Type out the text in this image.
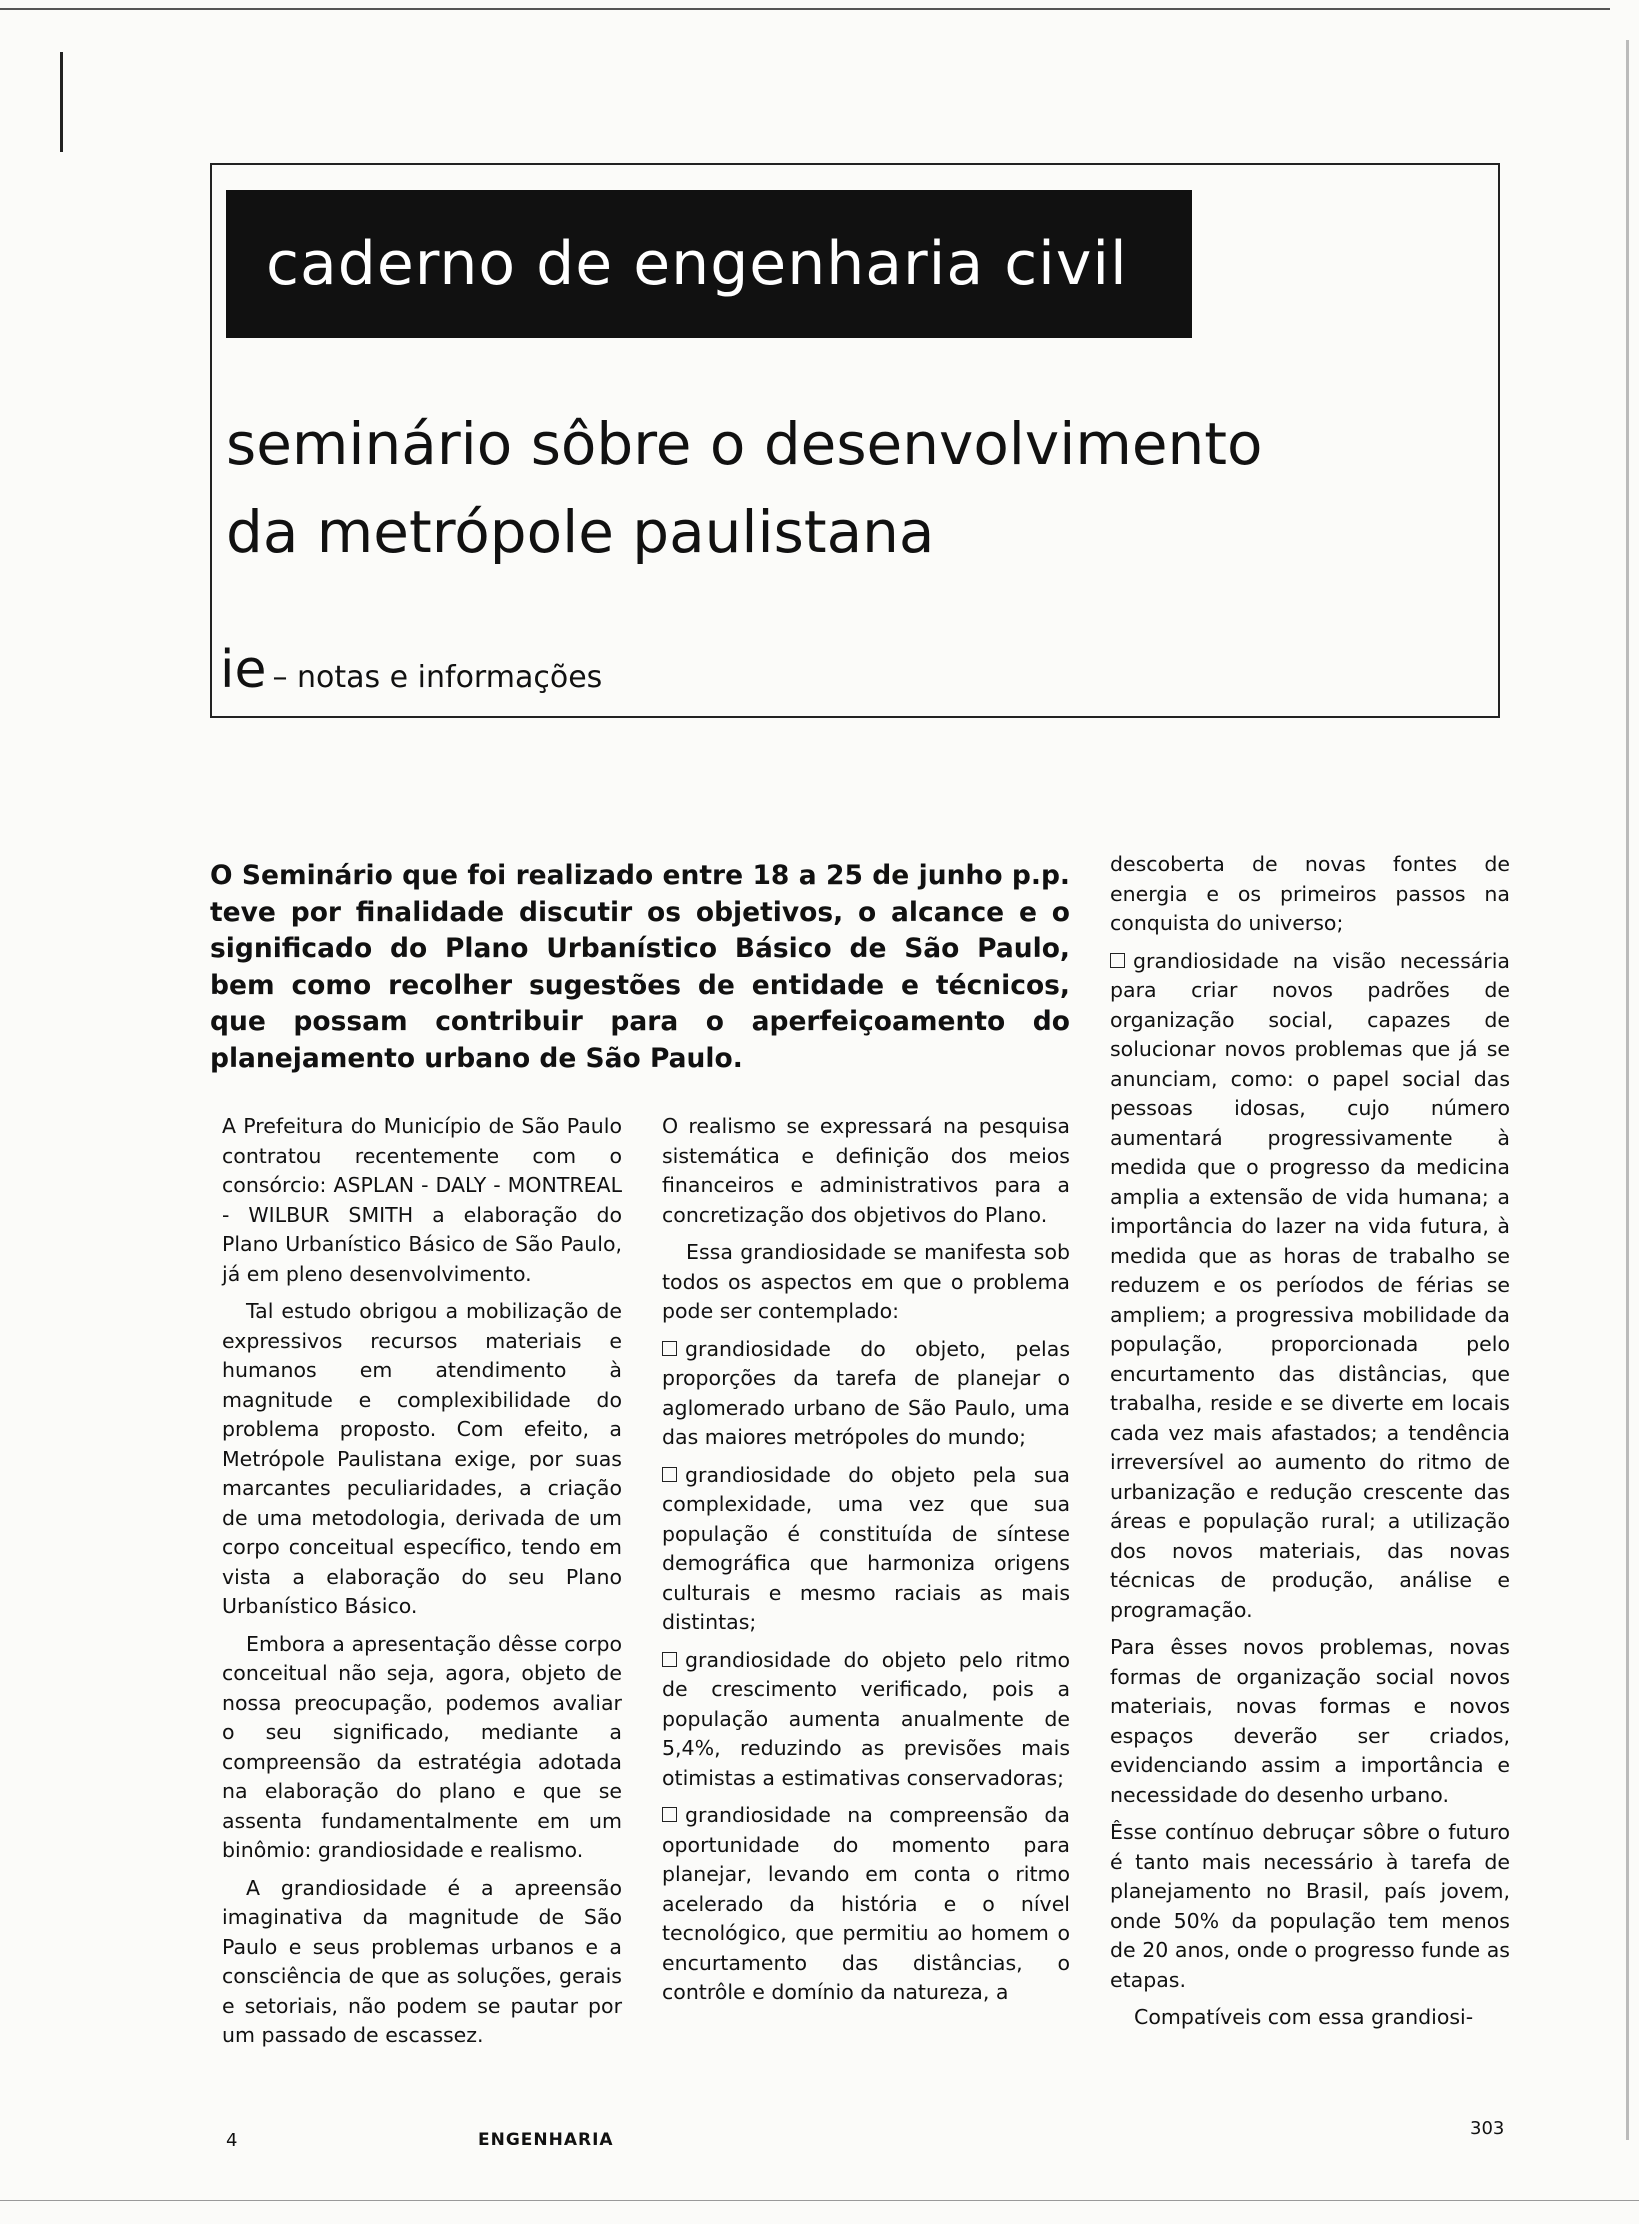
caderno de engenharia civil
seminário sôbre o desenvolvimento
da metrópole paulistana
ie – notas e informações
O Seminário que foi realizado entre 18 a 25 de junho p.p. teve por finalidade discutir os objetivos, o alcance e o significado do Plano Urbanístico Básico de São Paulo, bem como recolher sugestões de entidade e técnicos, que possam contribuir para o aperfeiçoamento do planejamento urbano de São Paulo.

A Prefeitura do Município de São Paulo contratou recentemente com o consórcio: ASPLAN - DALY - MONTREAL - WILBUR SMITH a elaboração do Plano Urbanístico Básico de São Paulo, já em pleno desenvolvimento.

Tal estudo obrigou a mobilização de expressivos recursos materiais e humanos em atendimento à magnitude e complexibilidade do problema proposto. Com efeito, a Metrópole Paulistana exige, por suas marcantes peculiaridades, a criação de uma metodologia, derivada de um corpo conceitual específico, tendo em vista a elaboração do seu Plano Urbanístico Básico.

Embora a apresentação dêsse corpo conceitual não seja, agora, objeto de nossa preocupação, podemos avaliar o seu significado, mediante a compreensão da estratégia adotada na elaboração do plano e que se assenta fundamentalmente em um binômio: grandiosidade e realismo.

A grandiosidade é a apreensão imaginativa da magnitude de São Paulo e seus problemas urbanos e a consciência de que as soluções, gerais e setoriais, não podem se pautar por um passado de escassez.

O realismo se expressará na pesquisa sistemática e definição dos meios financeiros e administrativos para a concretização dos objetivos do Plano.

Essa grandiosidade se manifesta sob todos os aspectos em que o problema pode ser contemplado:

grandiosidade do objeto, pelas proporções da tarefa de planejar o aglomerado urbano de São Paulo, uma das maiores metrópoles do mundo;

grandiosidade do objeto pela sua complexidade, uma vez que sua população é constituída de síntese demográfica que harmoniza origens culturais e mesmo raciais as mais distintas;

grandiosidade do objeto pelo ritmo de crescimento verificado, pois a população aumenta anualmente de 5,4%, reduzindo as previsões mais otimistas a estimativas conservadoras;

grandiosidade na compreensão da oportunidade do momento para planejar, levando em conta o ritmo acelerado da história e o nível tecnológico, que permitiu ao homem o encurtamento das distâncias, o contrôle e domínio da natureza, a

descoberta de novas fontes de energia e os primeiros passos na conquista do universo;

grandiosidade na visão necessária para criar novos padrões de organização social, capazes de solucionar novos problemas que já se anunciam, como: o papel social das pessoas idosas, cujo número aumentará progressivamente à medida que o progresso da medicina amplia a extensão de vida humana; a importância do lazer na vida futura, à medida que as horas de trabalho se reduzem e os períodos de férias se ampliem; a progressiva mobilidade da população, proporcionada pelo encurtamento das distâncias, que trabalha, reside e se diverte em locais cada vez mais afastados; a tendência irreversível ao aumento do ritmo de urbanização e redução crescente das áreas e população rural; a utilização dos novos materiais, das novas técnicas de produção, análise e programação.

Para êsses novos problemas, novas formas de organização social novos materiais, novas formas e novos espaços deverão ser criados, evidenciando assim a importância e necessidade do desenho urbano.

Êsse contínuo debruçar sôbre o futuro é tanto mais necessário à tarefa de planejamento no Brasil, país jovem, onde 50% da população tem menos de 20 anos, onde o progresso funde as etapas.

Compatíveis com essa grandiosi-

4	ENGENHARIA
303
